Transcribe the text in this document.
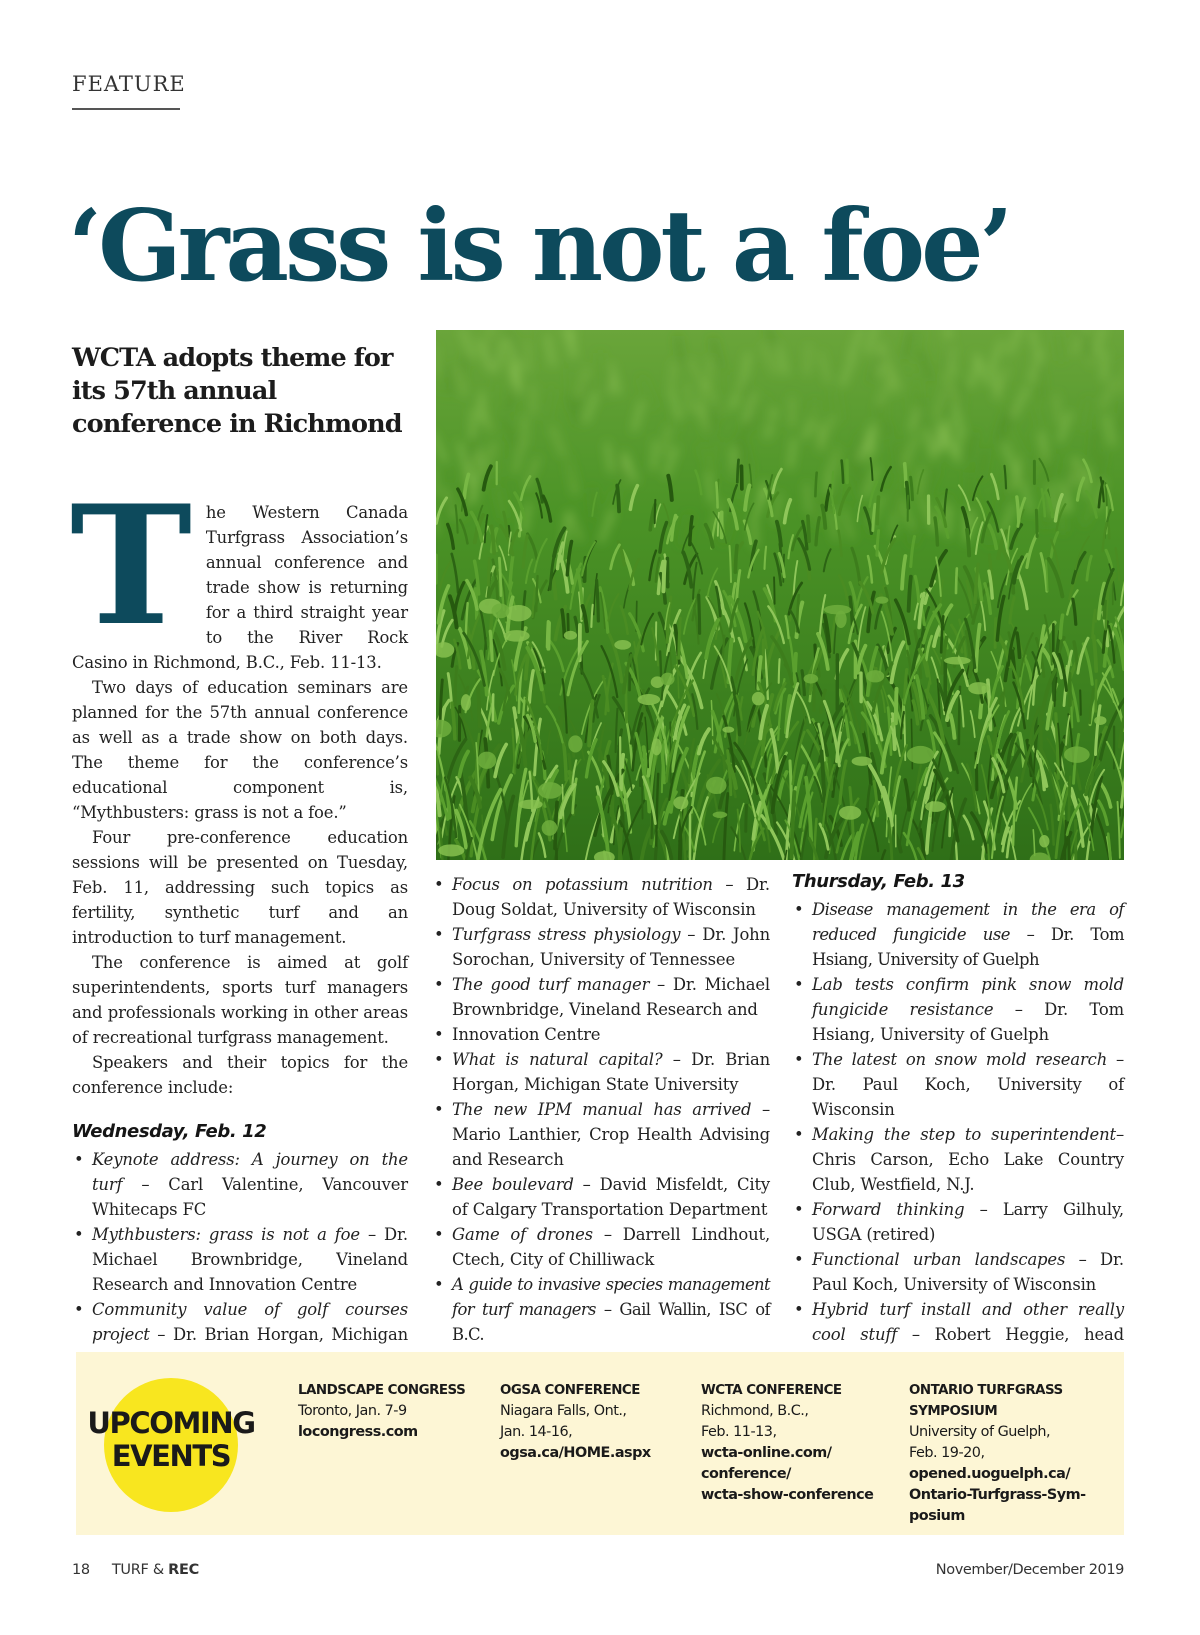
FEATURE
‘Grass is not a foe’
WCTA adopts theme for its 57th annual conference in Richmond

The Western Canada Turfgrass Association’s annual conference and trade show is returning for a third straight year to the River Rock Casino in Richmond, B.C., Feb. 11-13.

Two days of education seminars are planned for the 57th annual conference as well as a trade show on both days. The theme for the conference’s educational component is, “Mythbusters: grass is not a foe.”

Four pre-conference education sessions will be presented on Tuesday, Feb. 11, addressing such topics as fertility, synthetic turf and an introduction to turf management.

The conference is aimed at golf superintendents, sports turf managers and professionals working in other areas of recreational turfgrass management.

Speakers and their topics for the conference include:

Wednesday, Feb. 12
• Keynote address: A journey on the turf – Carl Valentine, Vancouver Whitecaps FC
• Mythbusters: grass is not a foe – Dr. Michael Brownbridge, Vineland Research and Innovation Centre
• Community value of golf courses project – Dr. Brian Horgan, Michigan
• Focus on potassium nutrition – Dr. Doug Soldat, University of Wisconsin
• Turfgrass stress physiology – Dr. John Sorochan, University of Tennessee
• The good turf manager – Dr. Michael Brownbridge, Vineland Research and
• Innovation Centre
• What is natural capital? – Dr. Brian Horgan, Michigan State University
• The new IPM manual has arrived – Mario Lanthier, Crop Health Advising and Research
• Bee boulevard – David Misfeldt, City of Calgary Transportation Department
• Game of drones – Darrell Lindhout, Ctech, City of Chilliwack
• A guide to invasive species management for turf managers – Gail Wallin, ISC of B.C.
Thursday, Feb. 13
• Disease management in the era of reduced fungicide use – Dr. Tom Hsiang, University of Guelph
• Lab tests confirm pink snow mold fungicide resistance – Dr. Tom Hsiang, University of Guelph
• The latest on snow mold research – Dr. Paul Koch, University of Wisconsin
• Making the step to superintendent– Chris Carson, Echo Lake Country Club, Westfield, N.J.
• Forward thinking – Larry Gilhuly, USGA (retired)
• Functional urban landscapes – Dr. Paul Koch, University of Wisconsin
• Hybrid turf install and other really cool stuff – Robert Heggie, head
UPCOMING
EVENTS
LANDSCAPE CONGRESS
Toronto, Jan. 7-9
locongress.com
OGSA CONFERENCE
Niagara Falls, Ont.,
Jan. 14-16,
ogsa.ca/HOME.aspx
WCTA CONFERENCE
Richmond, B.C.,
Feb. 11-13,
wcta-online.com/
conference/
wcta-show-conference
ONTARIO TURFGRASS SYMPOSIUM
University of Guelph,
Feb. 19-20,
opened.uoguelph.ca/
Ontario-Turfgrass-Sym-
posium
18 TURF & REC	November/December 2019
